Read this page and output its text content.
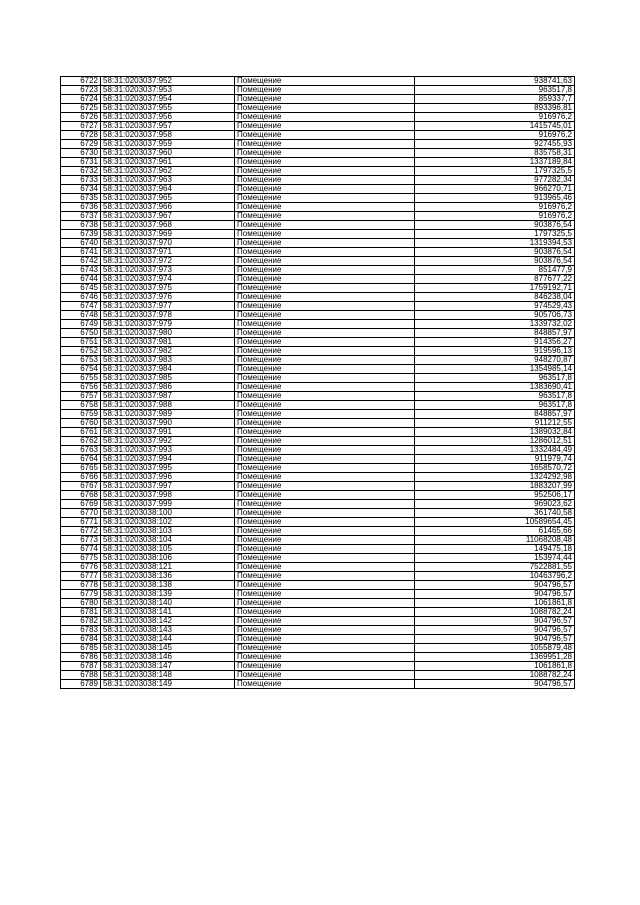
6722	58:31:0203037:952	Помещение	938741,63
6723	58:31:0203037:953	Помещение	963517,8
6724	58:31:0203037:954	Помещение	859337,7
6725	58:31:0203037:955	Помещение	893396,81
6726	58:31:0203037:956	Помещение	916976,2
6727	58:31:0203037:957	Помещение	1415745,01
6728	58:31:0203037:958	Помещение	916976,2
6729	58:31:0203037:959	Помещение	927455,93
6730	58:31:0203037:960	Помещение	835758,31
6731	58:31:0203037:961	Помещение	1337189,84
6732	58:31:0203037:962	Помещение	1797325,5
6733	58:31:0203037:963	Помещение	977282,34
6734	58:31:0203037:964	Помещение	966270,71
6735	58:31:0203037:965	Помещение	913965,46
6736	58:31:0203037:966	Помещение	916976,2
6737	58:31:0203037:967	Помещение	916976,2
6738	58:31:0203037:968	Помещение	903876,54
6739	58:31:0203037:969	Помещение	1797325,5
6740	58:31:0203037:970	Помещение	1319394,53
6741	58:31:0203037:971	Помещение	903876,54
6742	58:31:0203037:972	Помещение	903876,54
6743	58:31:0203037:973	Помещение	851477,9
6744	58:31:0203037:974	Помещение	877677,22
6745	58:31:0203037:975	Помещение	1759192,71
6746	58:31:0203037:976	Помещение	846238,04
6747	58:31:0203037:977	Помещение	974529,43
6748	58:31:0203037:978	Помещение	905706,73
6749	58:31:0203037:979	Помещение	1339732,02
6750	58:31:0203037:980	Помещение	848857,97
6751	58:31:0203037:981	Помещение	914356,27
6752	58:31:0203037:982	Помещение	919596,13
6753	58:31:0203037:983	Помещение	948270,87
6754	58:31:0203037:984	Помещение	1354985,14
6755	58:31:0203037:985	Помещение	963517,8
6756	58:31:0203037:986	Помещение	1383690,41
6757	58:31:0203037:987	Помещение	963517,8
6758	58:31:0203037:988	Помещение	963517,8
6759	58:31:0203037:989	Помещение	848857,97
6760	58:31:0203037:990	Помещение	911212,55
6761	58:31:0203037:991	Помещение	1389032,84
6762	58:31:0203037:992	Помещение	1286012,51
6763	58:31:0203037:993	Помещение	1332484,49
6764	58:31:0203037:994	Помещение	911979,74
6765	58:31:0203037:995	Помещение	1658570,72
6766	58:31:0203037:996	Помещение	1324292,98
6767	58:31:0203037:997	Помещение	1883207,99
6768	58:31:0203037:998	Помещение	952506,17
6769	58:31:0203037:999	Помещение	969023,62
6770	58:31:0203038:100	Помещение	361740,58
6771	58:31:0203038:102	Помещение	10589654,45
6772	58:31:0203038:103	Помещение	61465,66
6773	58:31:0203038:104	Помещение	11068208,48
6774	58:31:0203038:105	Помещение	149475,18
6775	58:31:0203038:106	Помещение	153974,44
6776	58:31:0203038:121	Помещение	7522881,55
6777	58:31:0203038:136	Помещение	10463796,2
6778	58:31:0203038:138	Помещение	904796,57
6779	58:31:0203038:139	Помещение	904796,57
6780	58:31:0203038:140	Помещение	1061861,8
6781	58:31:0203038:141	Помещение	1088782,24
6782	58:31:0203038:142	Помещение	904796,57
6783	58:31:0203038:143	Помещение	904796,57
6784	58:31:0203038:144	Помещение	904796,57
6785	58:31:0203038:145	Помещение	1055879,48
6786	58:31:0203038:146	Помещение	1369951,28
6787	58:31:0203038:147	Помещение	1061861,8
6788	58:31:0203038:148	Помещение	1088782,24
6789	58:31:0203038:149	Помещение	904796,57
